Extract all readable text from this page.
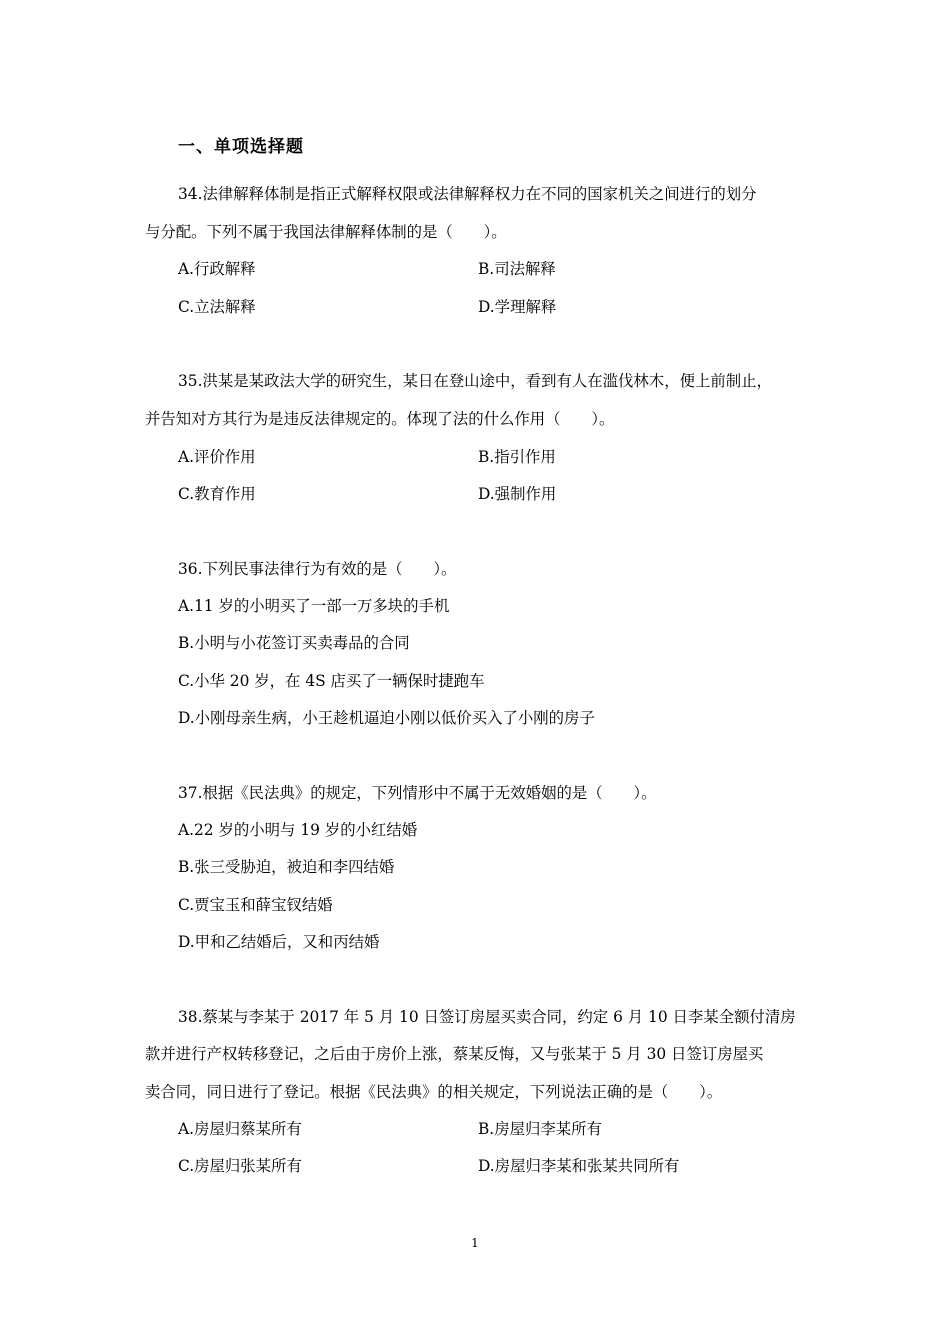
一、单项选择题
34.法律解释体制是指正式解释权限或法律解释权力在不同的国家机关之间进行的划分
与分配。下列不属于我国法律解释体制的是（　　）。
A.行政解释	B.司法解释
C.立法解释	D.学理解释
35.洪某是某政法大学的研究生，某日在登山途中，看到有人在滥伐林木，便上前制止，
并告知对方其行为是违反法律规定的。体现了法的什么作用（　　）。
A.评价作用	B.指引作用
C.教育作用	D.强制作用
36.下列民事法律行为有效的是（　　）。
A.11 岁的小明买了一部一万多块的手机
B.小明与小花签订买卖毒品的合同
C.小华 20 岁，在 4S 店买了一辆保时捷跑车
D.小刚母亲生病，小王趁机逼迫小刚以低价买入了小刚的房子
37.根据《民法典》的规定，下列情形中不属于无效婚姻的是（　　）。
A.22 岁的小明与 19 岁的小红结婚
B.张三受胁迫，被迫和李四结婚
C.贾宝玉和薛宝钗结婚
D.甲和乙结婚后，又和丙结婚
38.蔡某与李某于 2017 年 5 月 10 日签订房屋买卖合同，约定 6 月 10 日李某全额付清房
款并进行产权转移登记，之后由于房价上涨，蔡某反悔，又与张某于 5 月 30 日签订房屋买
卖合同，同日进行了登记。根据《民法典》的相关规定，下列说法正确的是（　　）。
A.房屋归蔡某所有	B.房屋归李某所有
C.房屋归张某所有	D.房屋归李某和张某共同所有
1
